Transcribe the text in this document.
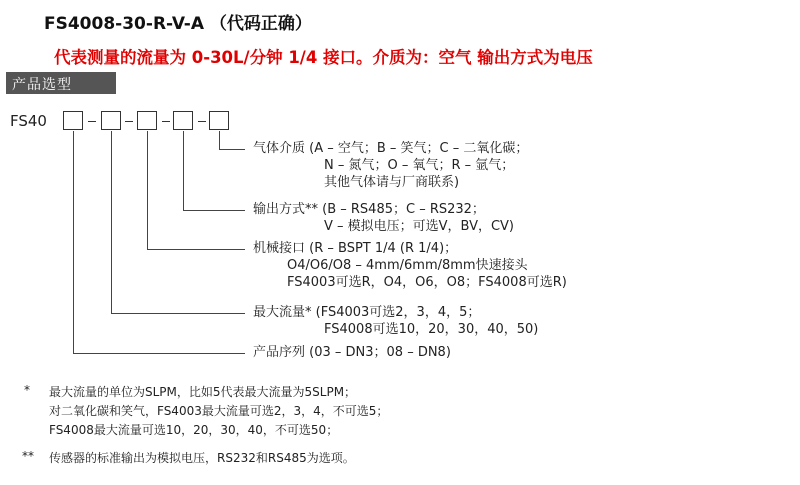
FS4008-30-R-V-A （代码正确）
代表测量的流量为 0-30L/分钟 1/4 接口。介质为：空气 输出方式为电压
产品选型
FS40
气体介质 (A – 空气；B – 笑气；C – 二氧化碳；
N – 氮气；O – 氧气；R – 氩气；
其他气体请与厂商联系)
输出方式** (B – RS485；C – RS232；
V – 模拟电压；可选V，BV，CV)
机械接口 (R – BSPT 1/4 (R 1/4)；
O4/O6/O8 – 4mm/6mm/8mm快速接头
FS4003可选R，O4，O6，O8；FS4008可选R)
最大流量* (FS4003可选2，3，4，5；
FS4008可选10，20，30，40，50)
产品序列 (03 – DN3；08 – DN8)
* 最大流量的单位为SLPM，比如5代表最大流量为5SLPM；
对二氧化碳和笑气，FS4003最大流量可选2，3，4，不可选5；
FS4008最大流量可选10，20，30，40，不可选50；
** 传感器的标准输出为模拟电压，RS232和RS485为选项。
